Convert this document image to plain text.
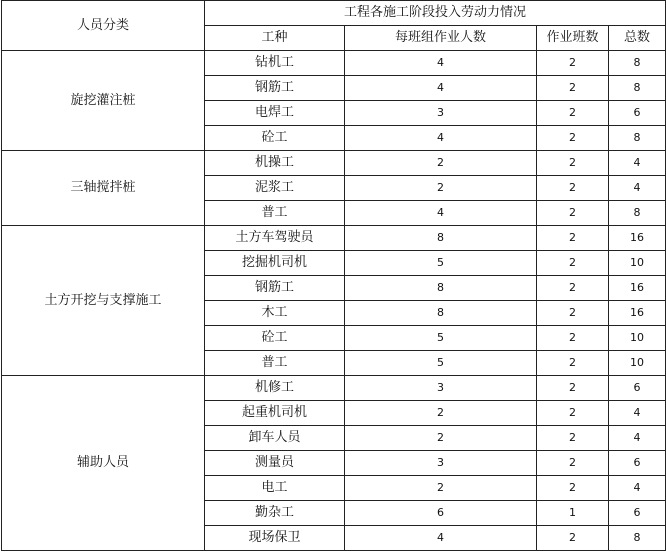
人员分类	工程各施工阶段投入劳动力情况			
	工种	每班组作业人数	作业班数	总数
旋挖灌注桩	钻机工	4	2	8
	钢筋工	4	2	8
	电焊工	3	2	6
	砼工	4	2	8
三轴搅拌桩	机操工	2	2	4
	泥浆工	2	2	4
	普工	4	2	8
土方开挖与支撑施工	土方车驾驶员	8	2	16
	挖掘机司机	5	2	10
	钢筋工	8	2	16
	木工	8	2	16
	砼工	5	2	10
	普工	5	2	10
辅助人员	机修工	3	2	6
	起重机司机	2	2	4
	卸车人员	2	2	4
	测量员	3	2	6
	电工	2	2	4
	勤杂工	6	1	6
	现场保卫	4	2	8
